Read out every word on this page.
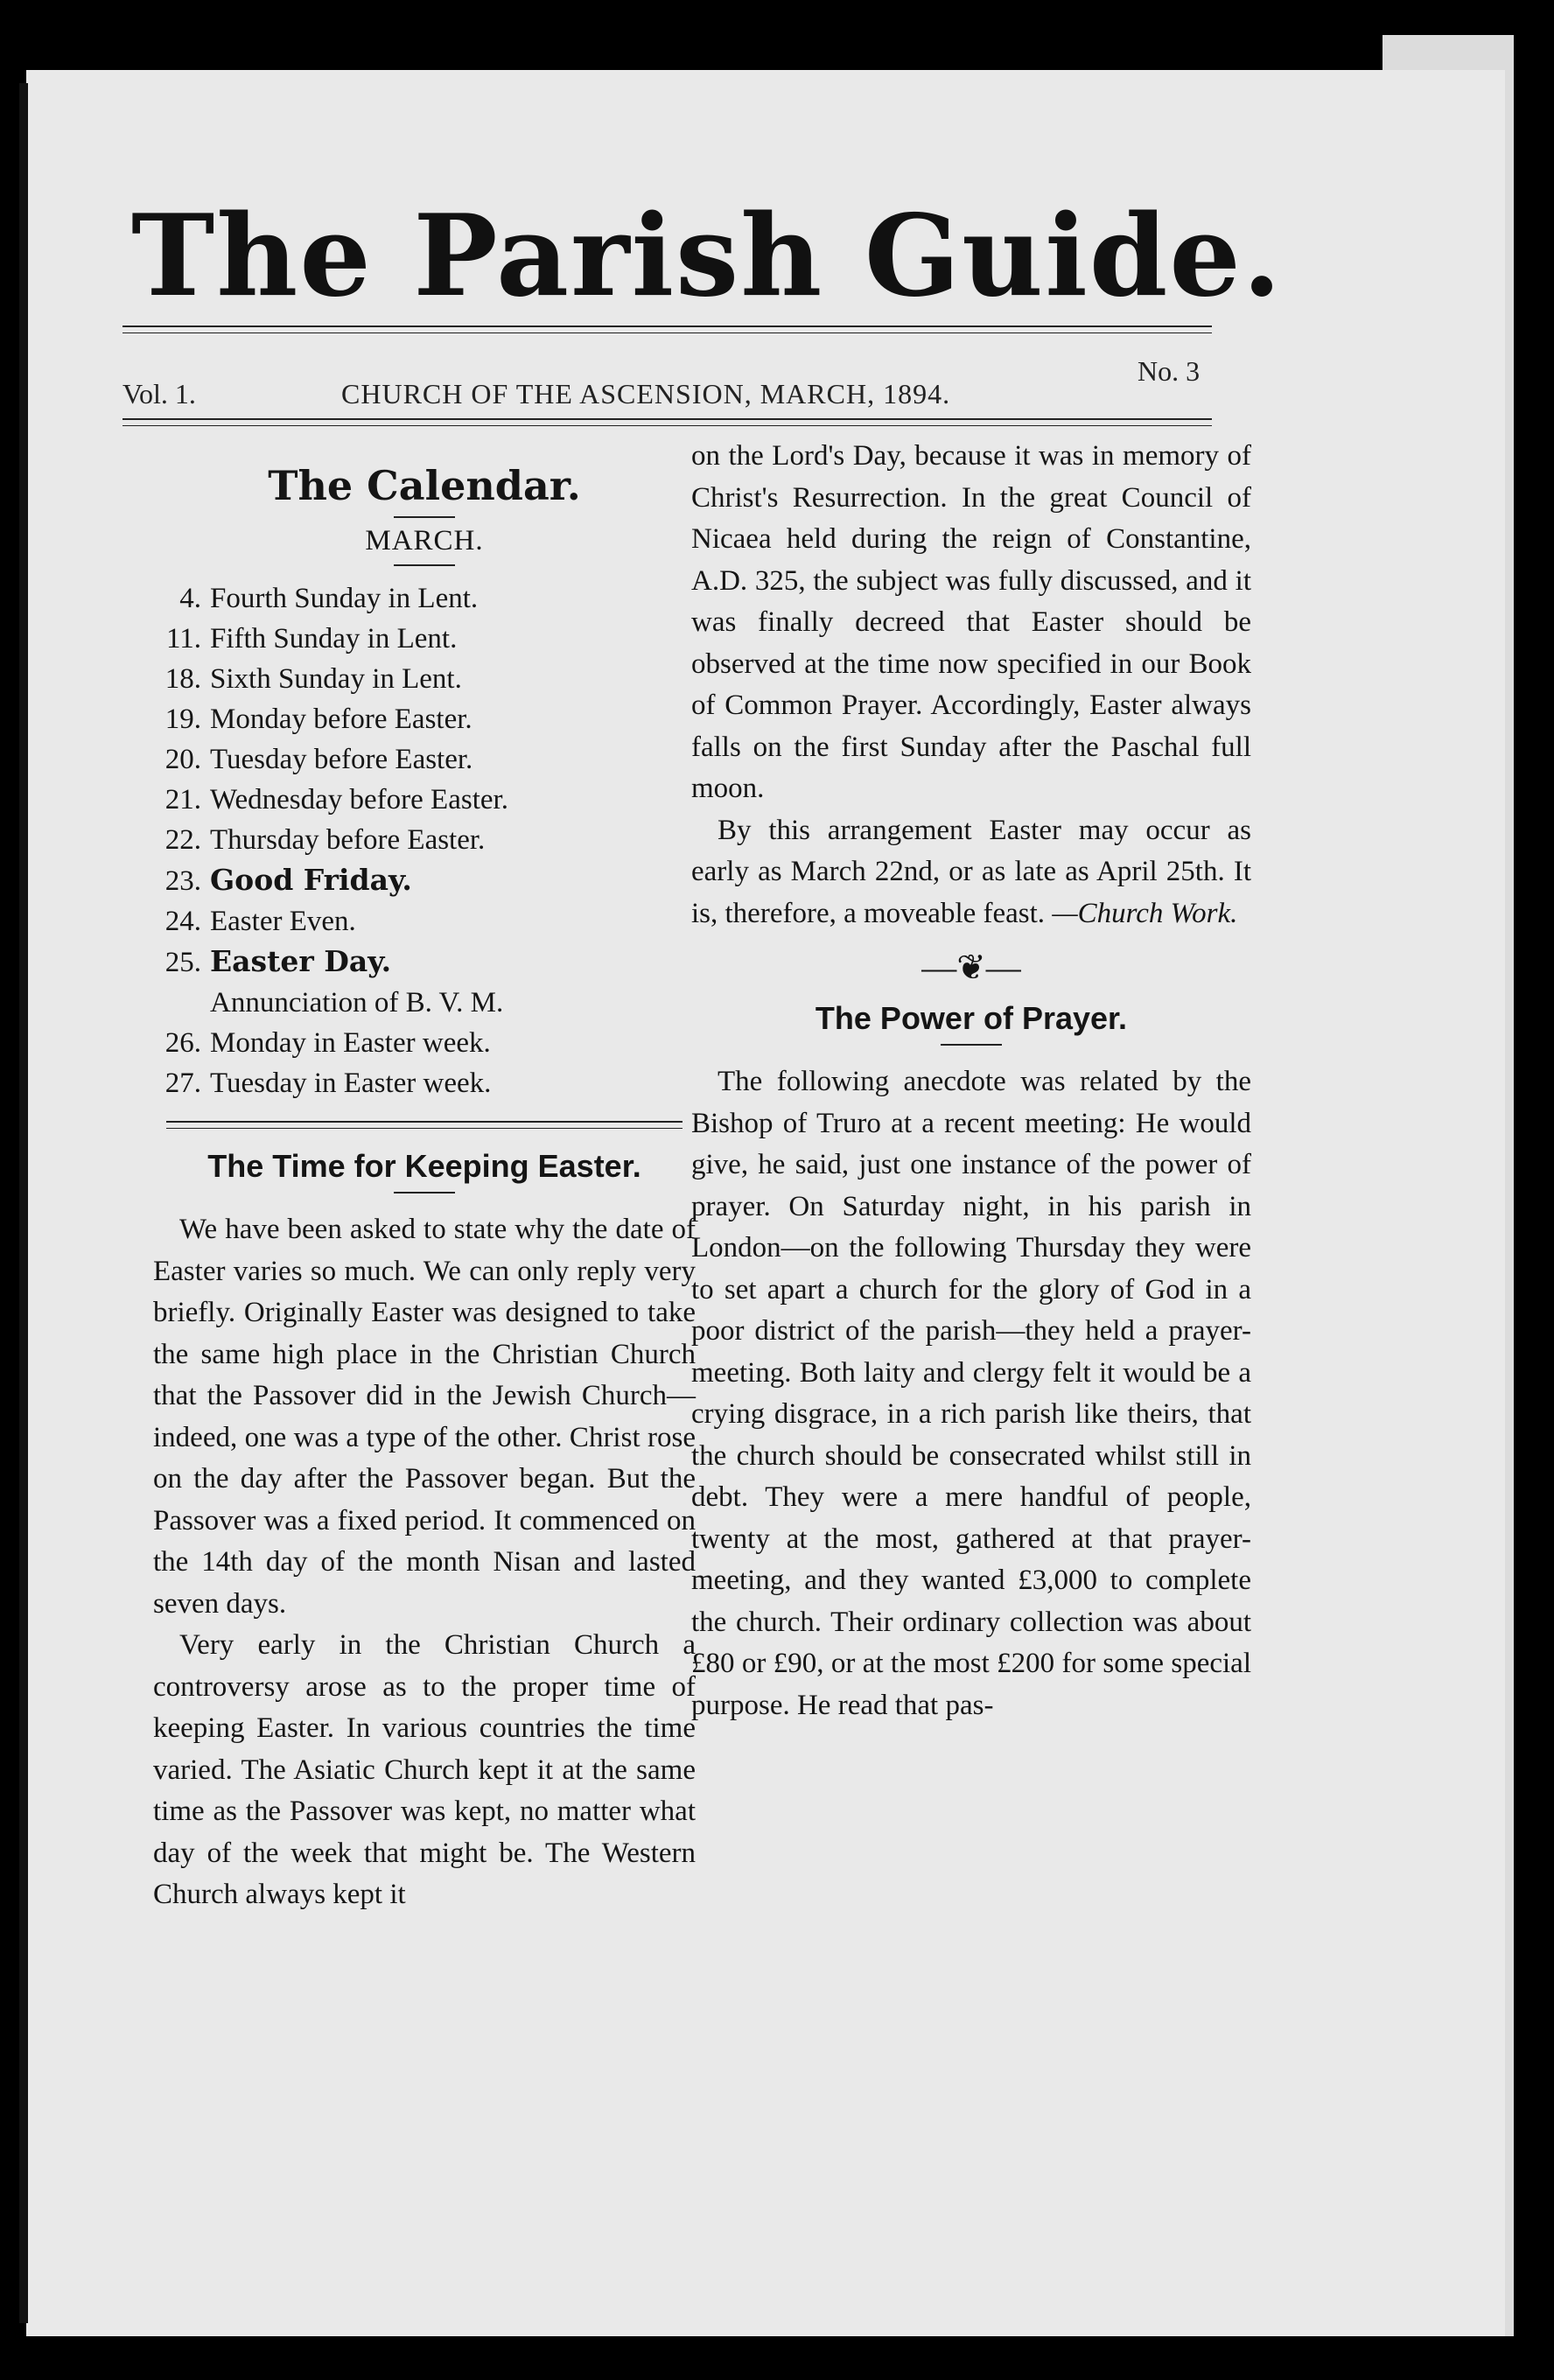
The Parish Guide.
Vol. 1.	CHURCH OF THE ASCENSION, MARCH, 1894.
No. 3
The Calendar.
MARCH.
4. Fourth Sunday in Lent.
11. Fifth Sunday in Lent.
18. Sixth Sunday in Lent.
19. Monday before Easter.
20. Tuesday before Easter.
21. Wednesday before Easter.
22. Thursday before Easter.
23. Good Friday.
24. Easter Even.
25. Easter Day.
Annunciation of B. V. M.
26. Monday in Easter week.
27. Tuesday in Easter week.
The Time for Keeping Easter.

We have been asked to state why the date of Easter varies so much. We can only reply very briefly. Originally Easter was designed to take the same high place in the Christian Church that the Passover did in the Jewish Church—indeed, one was a type of the other. Christ rose on the day after the Passover began. But the Passover was a fixed period. It commenced on the 14th day of the month Nisan and lasted seven days.

Very early in the Christian Church a controversy arose as to the proper time of keeping Easter. In various countries the time varied. The Asiatic Church kept it at the same time as the Passover was kept, no matter what day of the week that might be. The Western Church always kept it

on the Lord's Day, because it was in memory of Christ's Resurrection. In the great Council of Nicaea held during the reign of Constantine, A.D. 325, the subject was fully discussed, and it was finally decreed that Easter should be observed at the time now specified in our Book of Common Prayer. Accordingly, Easter always falls on the first Sunday after the Paschal full moon.

By this arrangement Easter may occur as early as March 22nd, or as late as April 25th. It is, therefore, a moveable feast. —Church Work.

—❦—
The Power of Prayer.

The following anecdote was related by the Bishop of Truro at a recent meeting: He would give, he said, just one instance of the power of prayer. On Saturday night, in his parish in London—on the following Thursday they were to set apart a church for the glory of God in a poor district of the parish—they held a prayer-meeting. Both laity and clergy felt it would be a crying disgrace, in a rich parish like theirs, that the church should be consecrated whilst still in debt. They were a mere handful of people, twenty at the most, gathered at that prayer-meeting, and they wanted £3,000 to complete the church. Their ordinary collection was about £80 or £90, or at the most £200 for some special purpose. He read that pas-
